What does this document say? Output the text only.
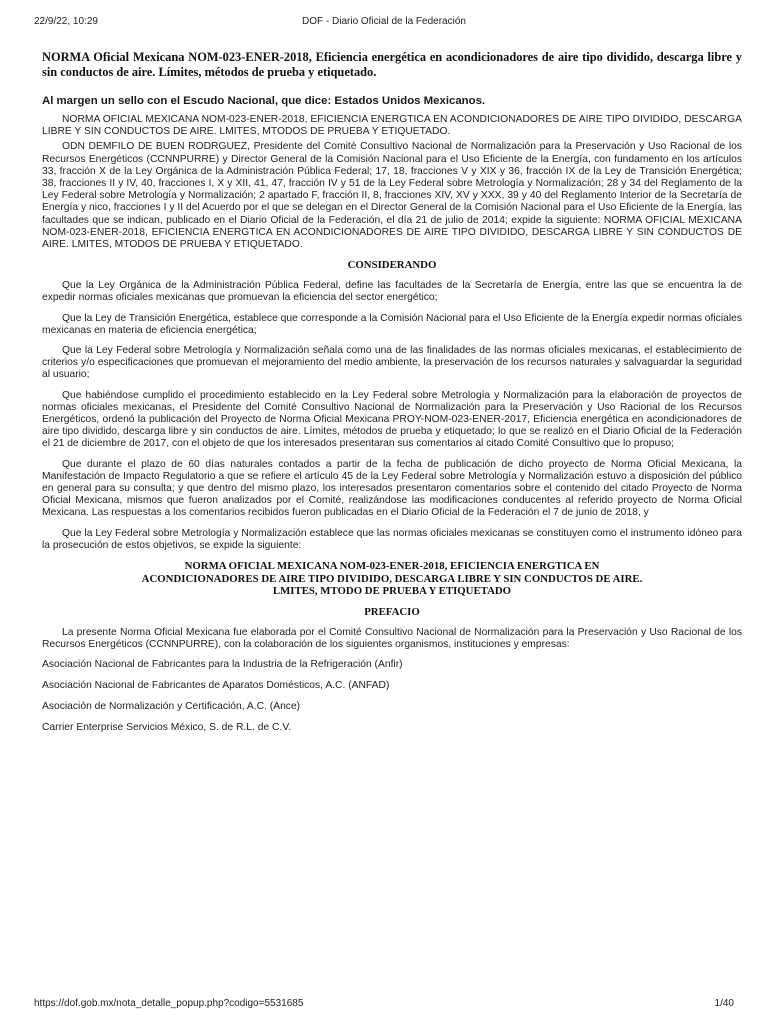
22/9/22, 10:29	DOF - Diario Oficial de la Federación
NORMA Oficial Mexicana NOM-023-ENER-2018, Eficiencia energética en acondicionadores de aire tipo dividido, descarga libre y sin conductos de aire. Límites, métodos de prueba y etiquetado.

Al margen un sello con el Escudo Nacional, que dice: Estados Unidos Mexicanos.

NORMA OFICIAL MEXICANA NOM-023-ENER-2018, EFICIENCIA ENERGTICA EN ACONDICIONADORES DE AIRE TIPO DIVIDIDO, DESCARGA LIBRE Y SIN CONDUCTOS DE AIRE. LMITES, MTODOS DE PRUEBA Y ETIQUETADO.

ODN DEMFILO DE BUEN RODRGUEZ, Presidente del Comité Consultivo Nacional de Normalización para la Preservación y Uso Racional de los Recursos Energéticos (CCNNPURRE) y Director General de la Comisión Nacional para el Uso Eficiente de la Energía, con fundamento en los artículos 33, fracción X de la Ley Orgánica de la Administración Pública Federal; 17, 18, fracciones V y XIX y 36, fracción IX de la Ley de Transición Energética; 38, fracciones II y IV, 40, fracciones I, X y XII, 41, 47, fracción IV y 51 de la Ley Federal sobre Metrología y Normalización; 28 y 34 del Reglamento de la Ley Federal sobre Metrología y Normalización; 2 apartado F, fracción II, 8, fracciones XIV, XV y XXX, 39 y 40 del Reglamento Interior de la Secretaría de Energía y nico, fracciones I y II del Acuerdo por el que se delegan en el Director General de la Comisión Nacional para el Uso Eficiente de la Energía, las facultades que se indican, publicado en el Diario Oficial de la Federación, el día 21 de julio de 2014; expide la siguiente: NORMA OFICIAL MEXICANA NOM-023-ENER-2018, EFICIENCIA ENERGTICA EN ACONDICIONADORES DE AIRE TIPO DIVIDIDO, DESCARGA LIBRE Y SIN CONDUCTOS DE AIRE. LMITES, MTODOS DE PRUEBA Y ETIQUETADO.

CONSIDERANDO

Que la Ley Orgánica de la Administración Pública Federal, define las facultades de la Secretaría de Energía, entre las que se encuentra la de expedir normas oficiales mexicanas que promuevan la eficiencia del sector energético;

Que la Ley de Transición Energética, establece que corresponde a la Comisión Nacional para el Uso Eficiente de la Energía expedir normas oficiales mexicanas en materia de eficiencia energética;

Que la Ley Federal sobre Metrología y Normalización señala como una de las finalidades de las normas oficiales mexicanas, el establecimiento de criterios y/o especificaciones que promuevan el mejoramiento del medio ambiente, la preservación de los recursos naturales y salvaguardar la seguridad al usuario;

Que habiéndose cumplido el procedimiento establecido en la Ley Federal sobre Metrología y Normalización para la elaboración de proyectos de normas oficiales mexicanas, el Presidente del Comité Consultivo Nacional de Normalización para la Preservación y Uso Racional de los Recursos Energéticos, ordenó la publicación del Proyecto de Norma Oficial Mexicana PROY-NOM-023-ENER-2017, Eficiencia energética en acondicionadores de aire tipo dividido, descarga libre y sin conductos de aire. Límites, métodos de prueba y etiquetado; lo que se realizó en el Diario Oficial de la Federación el 21 de diciembre de 2017, con el objeto de que los interesados presentaran sus comentarios al citado Comité Consultivo que lo propuso;

Que durante el plazo de 60 días naturales contados a partir de la fecha de publicación de dicho proyecto de Norma Oficial Mexicana, la Manifestación de Impacto Regulatorio a que se refiere el artículo 45 de la Ley Federal sobre Metrología y Normalización estuvo a disposición del público en general para su consulta; y que dentro del mismo plazo, los interesados presentaron comentarios sobre el contenido del citado Proyecto de Norma Oficial Mexicana, mismos que fueron analizados por el Comité, realizándose las modificaciones conducentes al referido proyecto de Norma Oficial Mexicana. Las respuestas a los comentarios recibidos fueron publicadas en el Diario Oficial de la Federación el 7 de junio de 2018, y

Que la Ley Federal sobre Metrología y Normalización establece que las normas oficiales mexicanas se constituyen como el instrumento idóneo para la prosecución de estos objetivos, se expide la siguiente:

NORMA OFICIAL MEXICANA NOM-023-ENER-2018, EFICIENCIA ENERGTICA EN
ACONDICIONADORES DE AIRE TIPO DIVIDIDO, DESCARGA LIBRE Y SIN CONDUCTOS DE AIRE.
LMITES, MTODO DE PRUEBA Y ETIQUETADO
PREFACIO

La presente Norma Oficial Mexicana fue elaborada por el Comité Consultivo Nacional de Normalización para la Preservación y Uso Racional de los Recursos Energéticos (CCNNPURRE), con la colaboración de los siguientes organismos, instituciones y empresas:

Asociación Nacional de Fabricantes para la Industria de la Refrigeración (Anfir)

Asociación Nacional de Fabricantes de Aparatos Domésticos, A.C. (ANFAD)

Asociación de Normalización y Certificación, A.C. (Ance)

Carrier Enterprise Servicios México, S. de R.L. de C.V.

https://dof.gob.mx/nota_detalle_popup.php?codigo=5531685	1/40
